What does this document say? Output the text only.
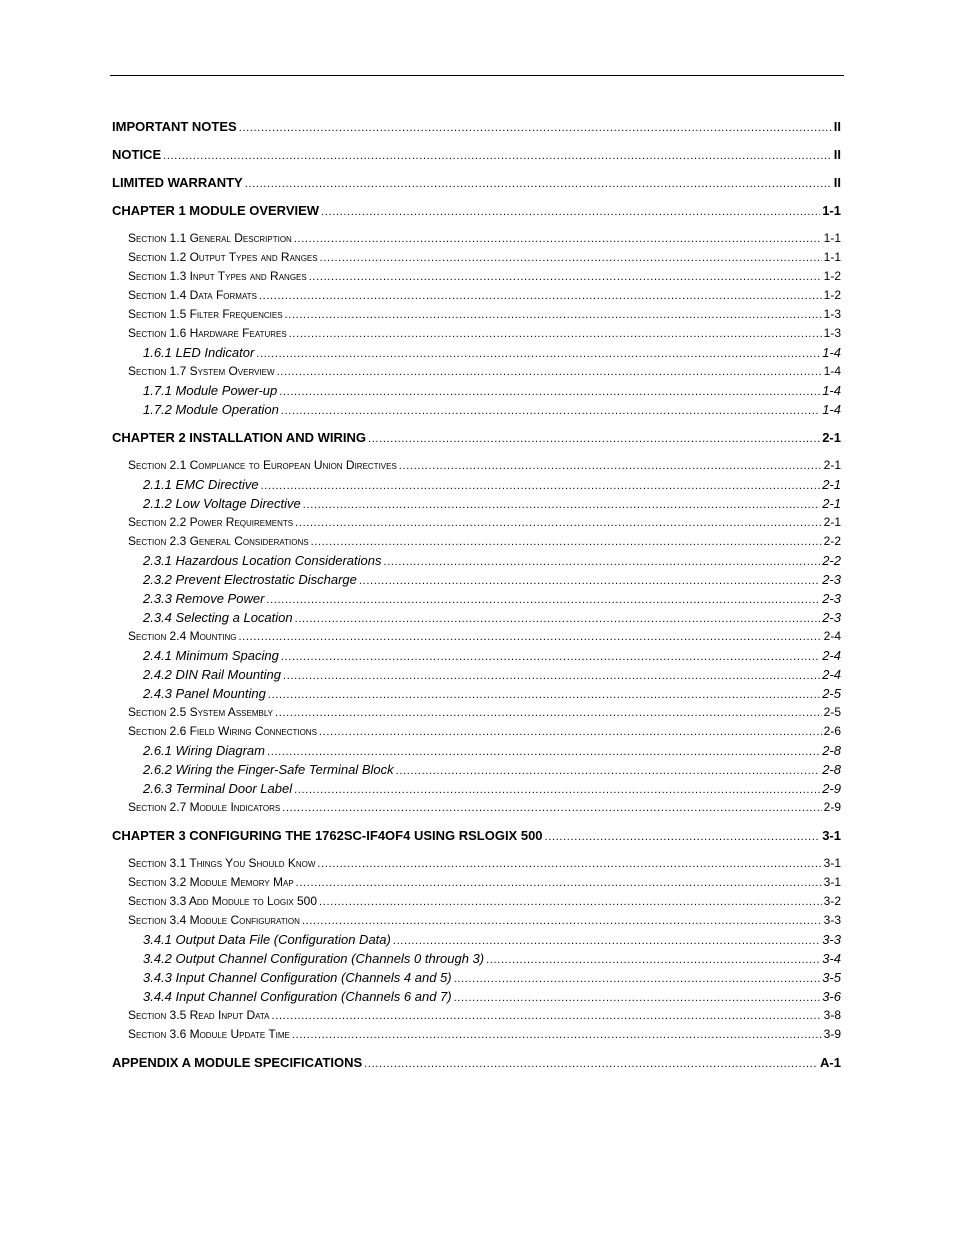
IMPORTANT NOTES . . .	II
NOTICE . . .	II
LIMITED WARRANTY . . .	II
CHAPTER 1 MODULE OVERVIEW . . .	1-1
Section 1.1 General Description . . .	1-1
Section 1.2 Output Types and Ranges . . .	1-1
Section 1.3 Input Types and Ranges . . .	1-2
Section 1.4 Data Formats . . .	1-2
Section 1.5 Filter Frequencies . . .	1-3
Section 1.6 Hardware Features . . .	1-3
1.6.1 LED Indicator . . .	1-4
Section 1.7 System Overview . . .	1-4
1.7.1 Module Power-up . . .	1-4
1.7.2 Module Operation . . .	1-4
CHAPTER 2 INSTALLATION AND WIRING . . .	2-1
Section 2.1 Compliance to European Union Directives . . .	2-1
2.1.1 EMC Directive . . .	2-1
2.1.2 Low Voltage Directive . . .	2-1
Section 2.2 Power Requirements . . .	2-1
Section 2.3 General Considerations . . .	2-2
2.3.1 Hazardous Location Considerations . . .	2-2
2.3.2 Prevent Electrostatic Discharge . . .	2-3
2.3.3 Remove Power . . .	2-3
2.3.4 Selecting a Location . . .	2-3
Section 2.4 Mounting . . .	2-4
2.4.1 Minimum Spacing . . .	2-4
2.4.2 DIN Rail Mounting . . .	2-4
2.4.3 Panel Mounting . . .	2-5
Section 2.5 System Assembly . . .	2-5
Section 2.6 Field Wiring Connections . . .	2-6
2.6.1 Wiring Diagram . . .	2-8
2.6.2 Wiring the Finger-Safe Terminal Block . . .	2-8
2.6.3 Terminal Door Label . . .	2-9
Section 2.7 Module Indicators . . .	2-9
CHAPTER 3 CONFIGURING THE 1762SC-IF4OF4 USING RSLOGIX 500 . . .	3-1
Section 3.1 Things You Should Know . . .	3-1
Section 3.2 Module Memory Map . . .	3-1
Section 3.3 Add Module to Logix 500 . . .	3-2
Section 3.4 Module Configuration . . .	3-3
3.4.1 Output Data File (Configuration Data) . . .	3-3
3.4.2 Output Channel Configuration (Channels 0 through 3) . . .	3-4
3.4.3 Input Channel Configuration (Channels 4 and 5) . . .	3-5
3.4.4 Input Channel Configuration (Channels 6 and 7) . . .	3-6
Section 3.5 Read Input Data . . .	3-8
Section 3.6 Module Update Time . . .	3-9
APPENDIX A MODULE SPECIFICATIONS . . .	A-1
